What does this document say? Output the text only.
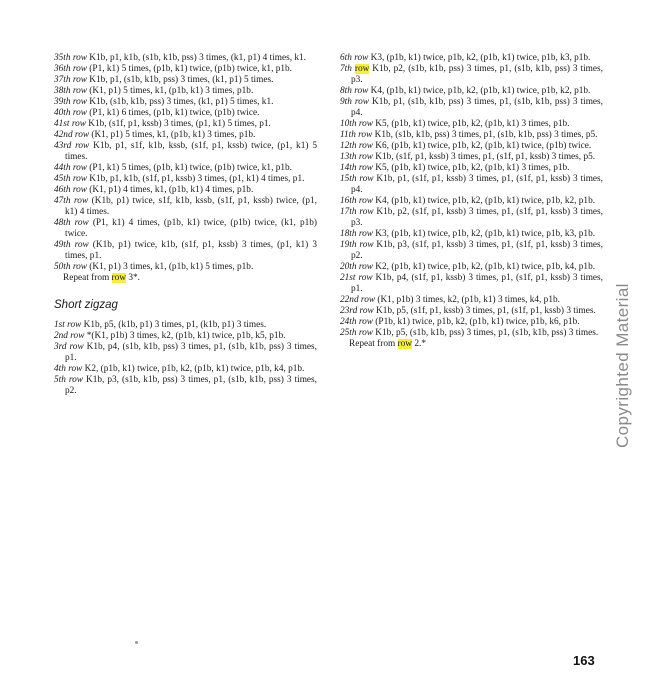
35th row K1b, p1, k1b, (s1b, k1b, pss) 3 times, (k1, p1) 4 times, k1.

36th row (P1, k1) 5 times, (p1b, k1) twice, (p1b) twice, k1, p1b.

37th row K1b, p1, (s1b, k1b, pss) 3 times, (k1, p1) 5 times.

38th row (K1, p1) 5 times, k1, (p1b, k1) 3 times, p1b.

39th row K1b, (s1b, k1b, pss) 3 times, (k1, p1) 5 times, k1.

40th row (P1, k1) 6 times, (p1b, k1) twice, (p1b) twice.

41st row K1b, (s1f, p1, kssb) 3 times, (p1, k1) 5 times, p1.

42nd row (K1, p1) 5 times, k1, (p1b, k1) 3 times, p1b.

43rd row K1b, p1, s1f, k1b, kssb, (s1f, p1, kssb) twice, (p1, k1) 5 times.

44th row (P1, k1) 5 times, (p1b, k1) twice, (p1b) twice, k1, p1b.

45th row K1b, p1, k1b, (s1f, p1, kssb) 3 times, (p1, k1) 4 times, p1.

46th row (K1, p1) 4 times, k1, (p1b, k1) 4 times, p1b.

47th row (K1b, p1) twice, s1f, k1b, kssb, (s1f, p1, kssb) twice, (p1, k1) 4 times.

48th row (P1, k1) 4 times, (p1b, k1) twice, (p1b) twice, (k1, p1b) twice.

49th row (K1b, p1) twice, k1b, (s1f, p1, kssb) 3 times, (p1, k1) 3 times, p1.

50th row (K1, p1) 3 times, k1, (p1b, k1) 5 times, p1b.

Repeat from row 3*.

Short zigzag

1st row K1b, p5, (k1b, p1) 3 times, p1, (k1b, p1) 3 times.

2nd row *(K1, p1b) 3 times, k2, (p1b, k1) twice, p1b, k5, p1b.

3rd row K1b, p4, (s1b, k1b, pss) 3 times, p1, (s1b, k1b, pss) 3 times, p1.

4th row K2, (p1b, k1) twice, p1b, k2, (p1b, k1) twice, p1b, k4, p1b.

5th row K1b, p3, (s1b, k1b, pss) 3 times, p1, (s1b, k1b, pss) 3 times, p2.

6th row K3, (p1b, k1) twice, p1b, k2, (p1b, k1) twice, p1b, k3, p1b.

7th row K1b, p2, (s1b, k1b, pss) 3 times, p1, (s1b, k1b, pss) 3 times, p3.

8th row K4, (p1b, k1) twice, p1b, k2, (p1b, k1) twice, p1b, k2, p1b.

9th row K1b, p1, (s1b, k1b, pss) 3 times, p1, (s1b, k1b, pss) 3 times, p4.

10th row K5, (p1b, k1) twice, p1b, k2, (p1b, k1) 3 times, p1b.

11th row K1b, (s1b, k1b, pss) 3 times, p1, (s1b, k1b, pss) 3 times, p5.

12th row K6, (p1b, k1) twice, p1b, k2, (p1b, k1) twice, (p1b) twice.

13th row K1b, (s1f, p1, kssb) 3 times, p1, (s1f, p1, kssb) 3 times, p5.

14th row K5, (p1b, k1) twice, p1b, k2, (p1b, k1) 3 times, p1b.

15th row K1b, p1, (s1f, p1, kssb) 3 times, p1, (s1f, p1, kssb) 3 times, p4.

16th row K4, (p1b, k1) twice, p1b, k2, (p1b, k1) twice, p1b, k2, p1b.

17th row K1b, p2, (s1f, p1, kssb) 3 times, p1, (s1f, p1, kssb) 3 times, p3.

18th row K3, (p1b, k1) twice, p1b, k2, (p1b, k1) twice, p1b, k3, p1b.

19th row K1b, p3, (s1f, p1, kssb) 3 times, p1, (s1f, p1, kssb) 3 times, p2.

20th row K2, (p1b, k1) twice, p1b, k2, (p1b, k1) twice, p1b, k4, p1b.

21st row K1b, p4, (s1f, p1, kssb) 3 times, p1, (s1f, p1, kssb) 3 times, p1.

22nd row (K1, p1b) 3 times, k2, (p1b, k1) 3 times, k4, p1b.

23rd row K1b, p5, (s1f, p1, kssb) 3 times, p1, (s1f, p1, kssb) 3 times.

24th row (P1b, k1) twice, p1b, k2, (p1b, k1) twice, p1b, k6, p1b.

25th row K1b, p5, (s1b, k1b, pss) 3 times, p1, (s1b, k1b, pss) 3 times.

Repeat from row 2.*	Copyrighted Material
163
